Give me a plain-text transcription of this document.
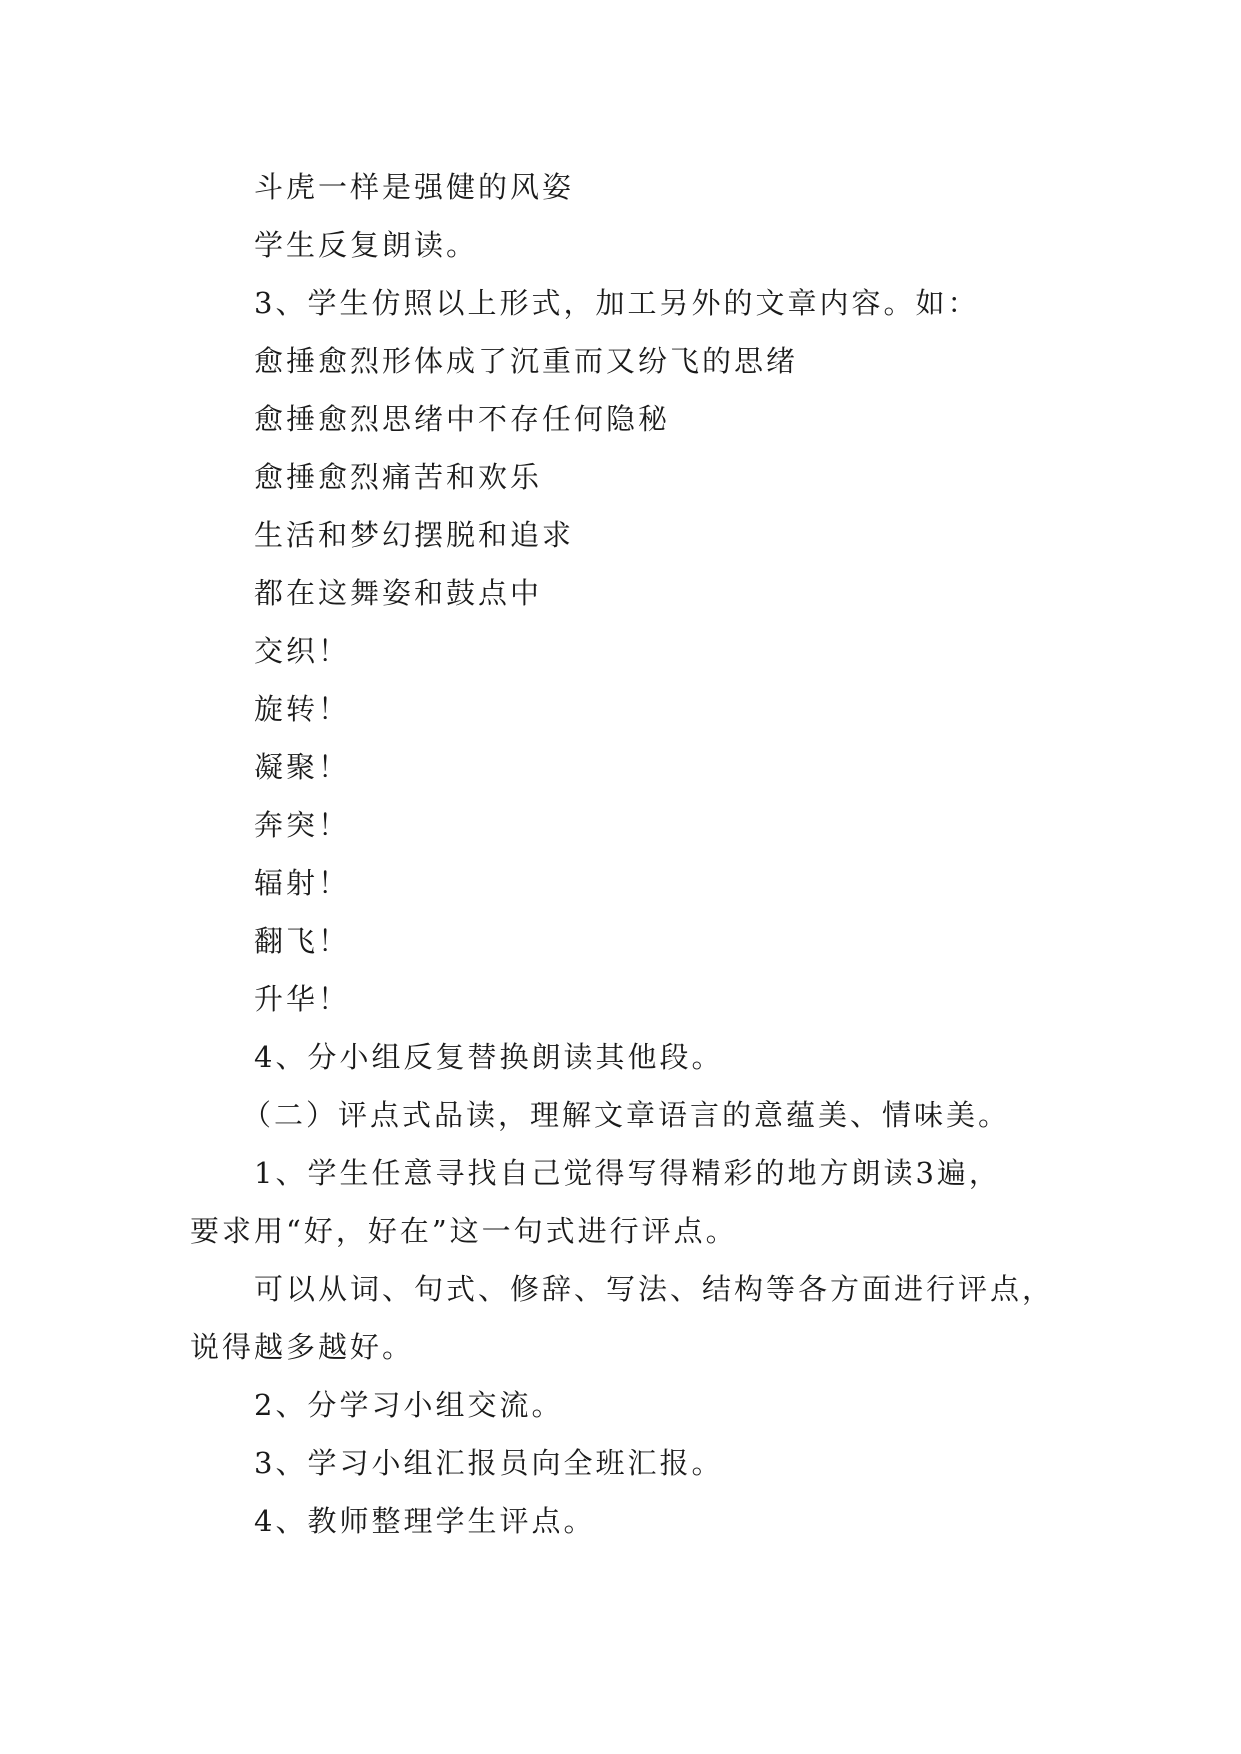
斗虎一样是强健的风姿

学生反复朗读。

3、学生仿照以上形式，加工另外的文章内容。如：

愈捶愈烈形体成了沉重而又纷飞的思绪

愈捶愈烈思绪中不存任何隐秘

愈捶愈烈痛苦和欢乐

生活和梦幻摆脱和追求

都在这舞姿和鼓点中

交织！

旋转！

凝聚！

奔突！

辐射！

翻飞！

升华！

4、分小组反复替换朗读其他段。

（二）评点式品读，理解文章语言的意蕴美、情味美。

1、学生任意寻找自己觉得写得精彩的地方朗读3遍，

要求用“好，好在”这一句式进行评点。

可以从词、句式、修辞、写法、结构等各方面进行评点，

说得越多越好。

2、分学习小组交流。

3、学习小组汇报员向全班汇报。

4、教师整理学生评点。
